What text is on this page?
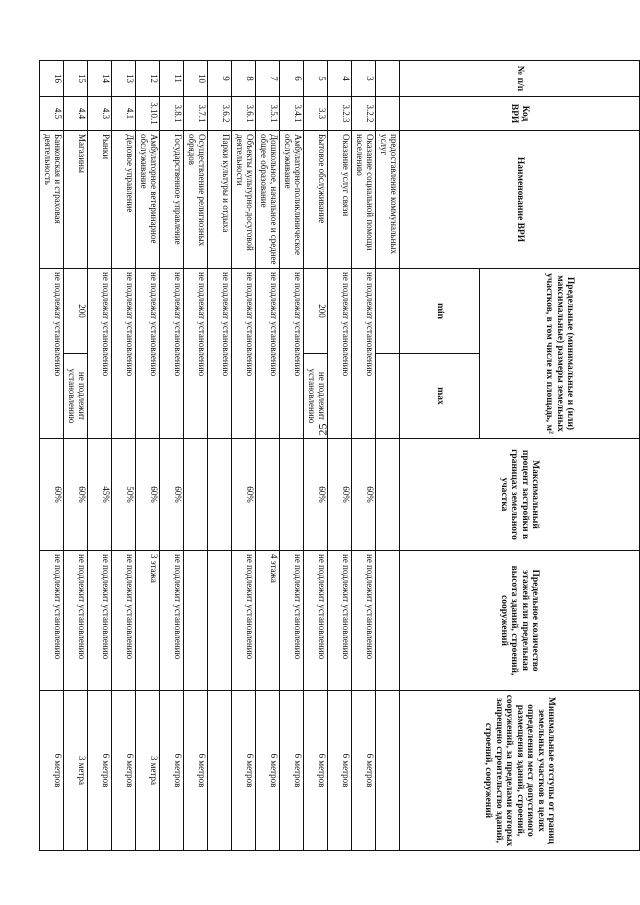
25
№ п/п	Код ВРИ	Наименование ВРИ	Предельные (минимальные и (или) максимальные) размеры земельных участков, в том числе их площадь, м²		Максимальный процент застройки в границах земельного участка	Предельное количество этажей или предельная высота зданий, строений, сооружений	Минимальные отступы от границ земельных участков в целях определения мест допустимого размещения зданий, строений, сооружений, за пределами которых запрещено строительство зданий, строений, сооружений
			min	max			
		предоставление коммунальных услуг					
3	3.2.2	Оказание социальной помощи населению	не подлежат установлению		60%	не подлежит установлению	6 метров
4	3.2.3	Оказание услуг связи	не подлежат установлению		60%	не подлежит установлению	6 метров
5	3.3	Бытовое обслуживание	200	не подлежит установлению	60%	не подлежит установлению	6 метров
6	3.4.1	Амбулаторно-поликлиническое обслуживание	не подлежат установлению			не подлежит установлению	6 метров
7	3.5.1	Дошкольное, начальное и среднее общее образование	не подлежат установлению			4 этажа	6 метров
8	3.6.1	Объекты культурно-досуговой деятельности	не подлежат установлению		60%	не подлежит установлению	6 метров
9	3.6.2	Парки культуры и отдыха	не подлежат установлению				
10	3.7.1	Осуществление религиозных обрядов	не подлежат установлению				6 метров
11	3.8.1	Государственное управление	не подлежат установлению		60%	не подлежит установлению	6 метров
12	3.10.1	Амбулаторное ветеринарное обслуживание	не подлежат установлению		60%	3 этажа	3 метра
13	4.1	Деловое управление	не подлежат установлению		50%	не подлежит установлению	6 метров
14	4.3	Рынки	не подлежат установлению		45%	не подлежит установлению	6 метров
15	4.4	Магазины	200	не подлежит установлению	60%	не подлежит установлению	3 метра
16	4.5	Банковская и страховая деятельность	не подлежат установлению		60%	не подлежит установлению	6 метров
